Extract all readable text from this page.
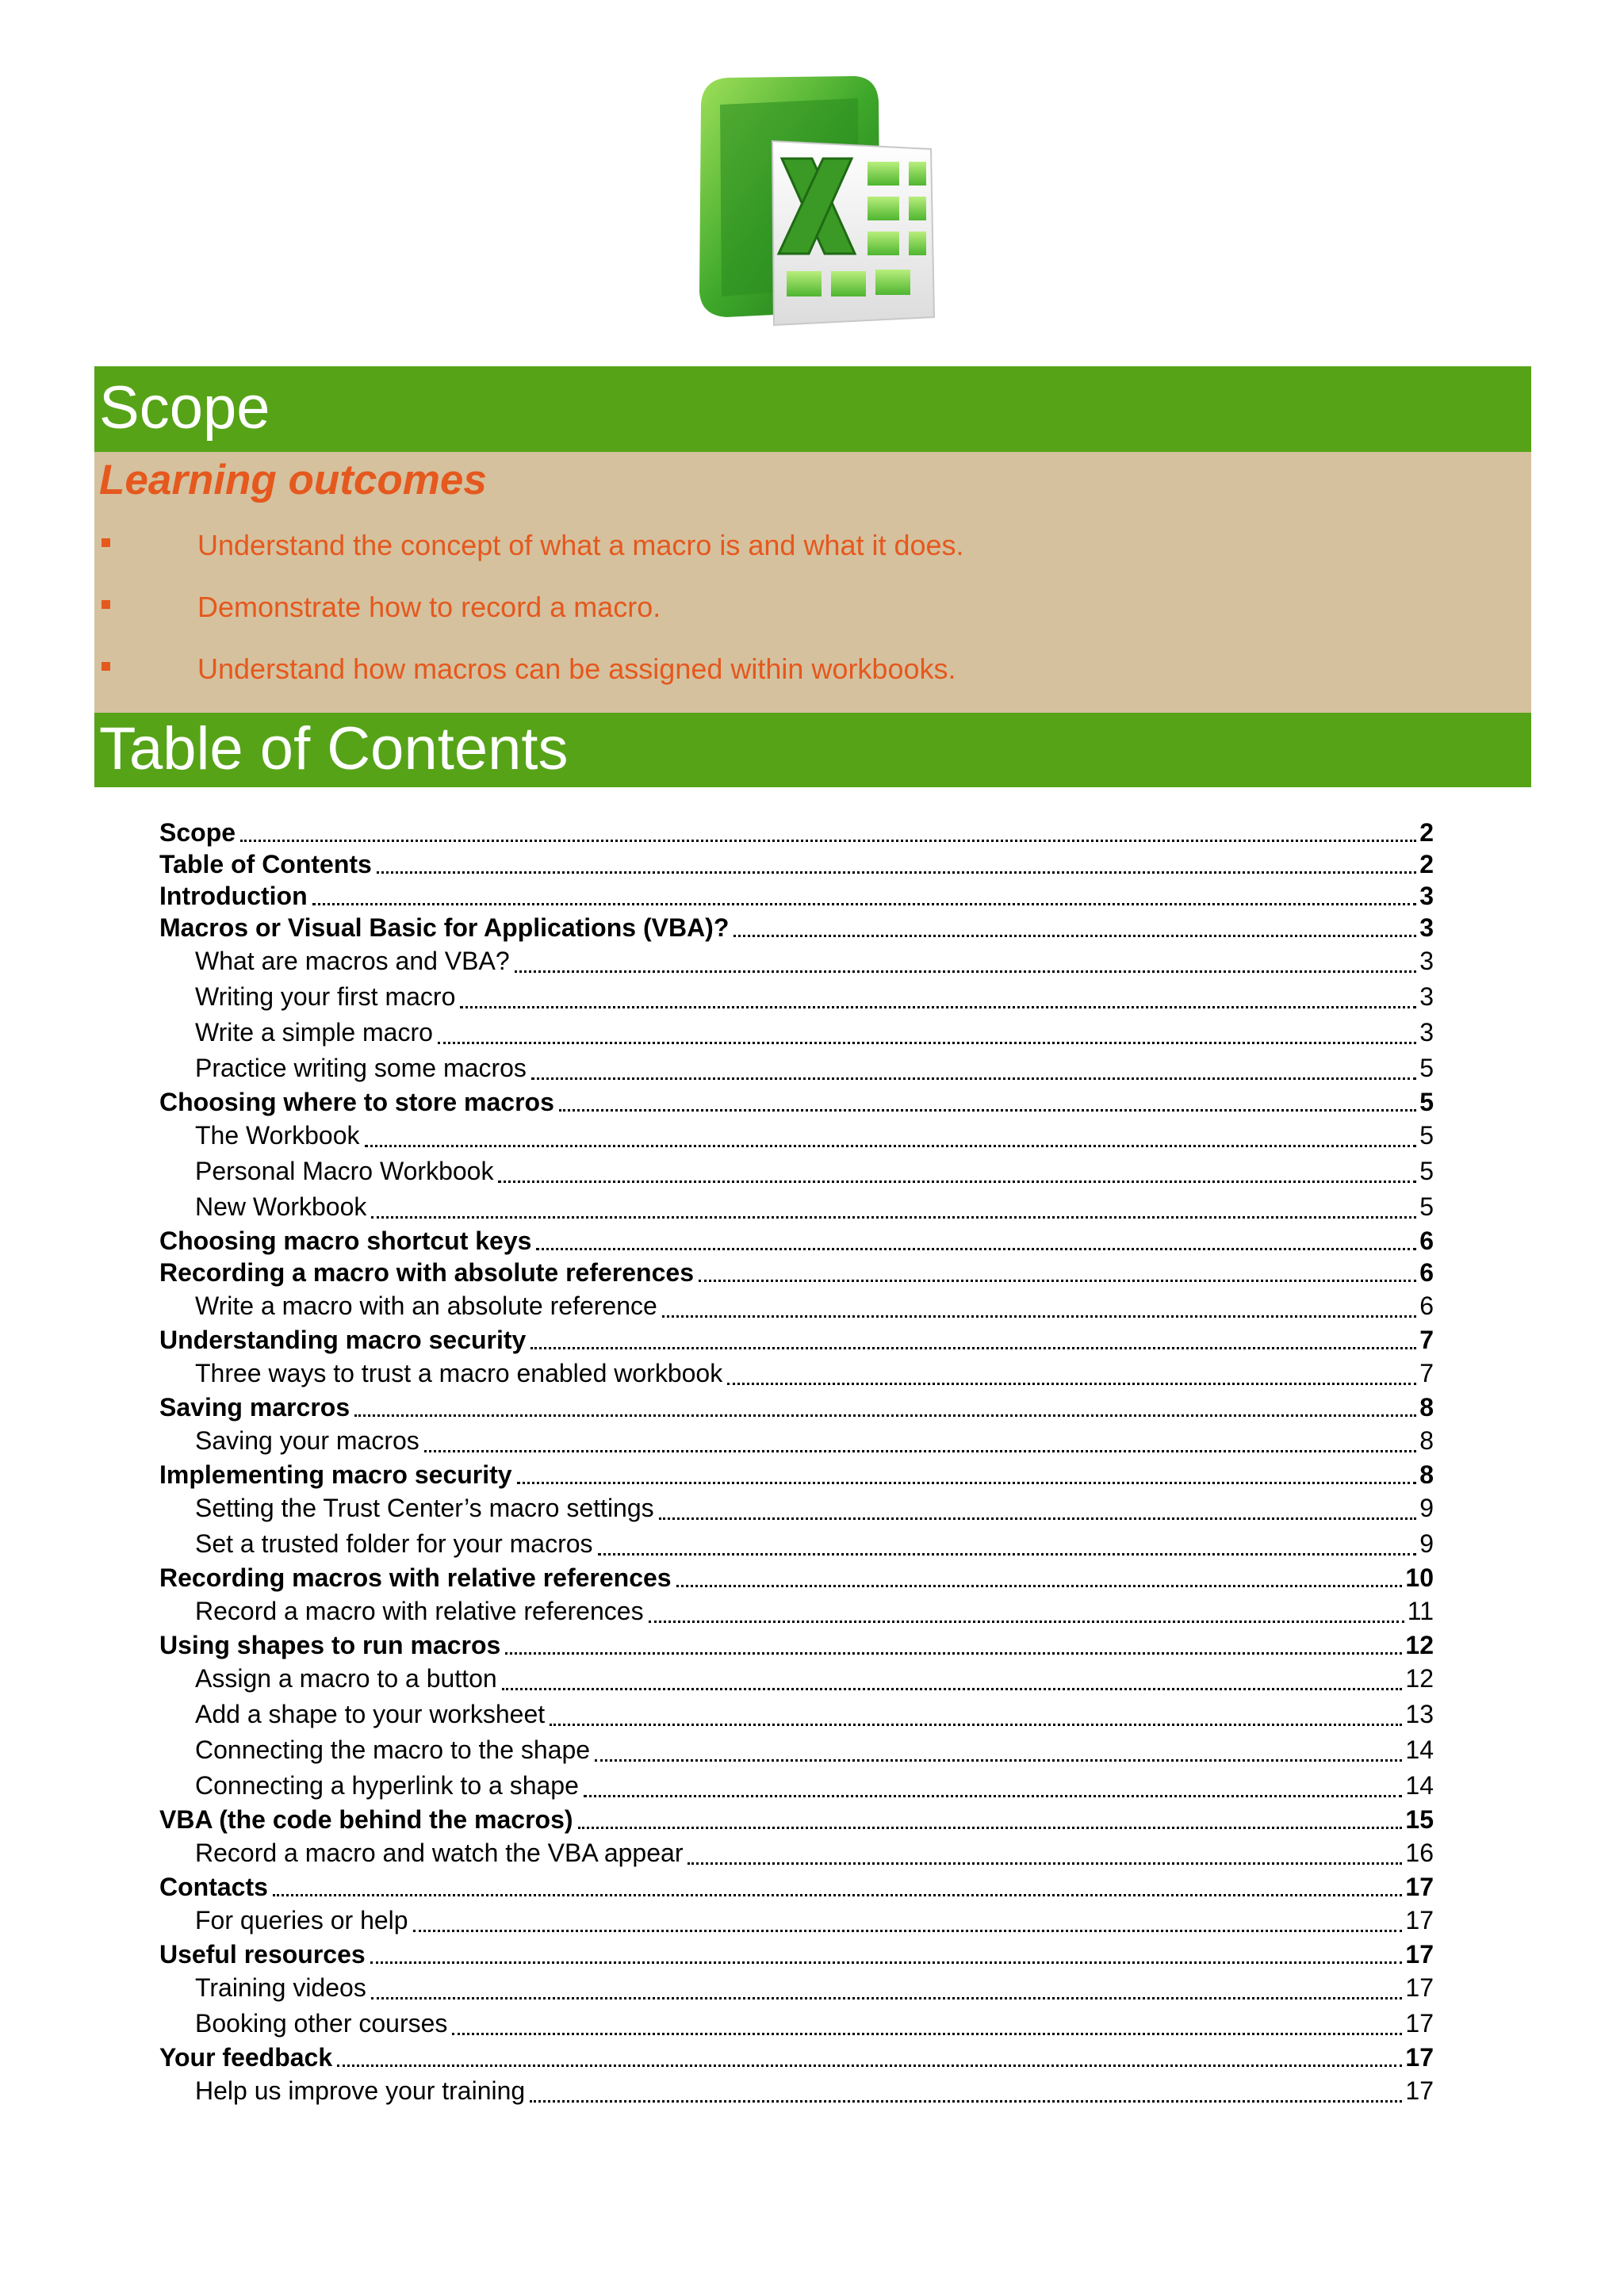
X
Scope
Learning outcomes
Understand the concept of what a macro is and what it does.
Demonstrate how to record a macro.
Understand how macros can be assigned within workbooks.
Table of Contents
Scope	2
Table of Contents	2
Introduction	3
Macros or Visual Basic for Applications (VBA)?	3
What are macros and VBA?	3
Writing your first macro	3
Write a simple macro	3
Practice writing some macros	5
Choosing where to store macros	5
The Workbook	5
Personal Macro Workbook	5
New Workbook	5
Choosing macro shortcut keys	6
Recording a macro with absolute references	6
Write a macro with an absolute reference	6
Understanding macro security	7
Three ways to trust a macro enabled workbook	7
Saving marcros	8
Saving your macros	8
Implementing macro security	8
Setting the Trust Center’s macro settings	9
Set a trusted folder for your macros	9
Recording macros with relative references	10
Record a macro with relative references	11
Using shapes to run macros	12
Assign a macro to a button	12
Add a shape to your worksheet	13
Connecting the macro to the shape	14
Connecting a hyperlink to a shape	14
VBA (the code behind the macros)	15
Record a macro and watch the VBA appear	16
Contacts	17
For queries or help	17
Useful resources	17
Training videos	17
Booking other courses	17
Your feedback	17
Help us improve your training	17
